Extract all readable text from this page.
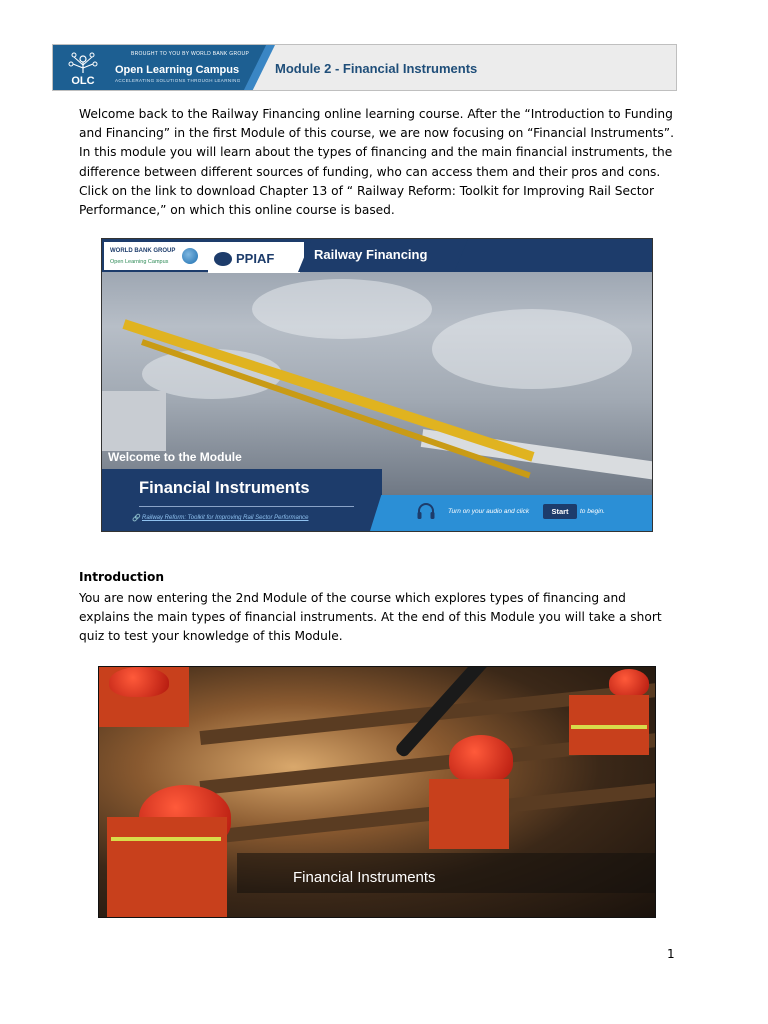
OLC
BROUGHT TO YOU BY WORLD BANK GROUP
Open Learning Campus
ACCELERATING SOLUTIONS THROUGH LEARNING
Module 2 - Financial Instruments

Welcome back to the Railway Financing online learning course. After the “Introduction to Funding and Financing” in the first Module of this course, we are now focusing on “Financial Instruments”. In this module you will learn about the types of financing and the main financial instruments, the difference between different sources of funding, who can access them and their pros and cons. Click on the link to download Chapter 13 of “ Railway Reform: Toolkit for Improving Rail Sector Performance,” on which this online course is based.

WORLD BANK GROUP
Open Learning Campus	PPIAF	Railway Financing
Welcome to the Module
Financial Instruments
🔗 Railway Reform: Toolkit for Improving Rail Sector Performance
Turn on your audio and click	Start	to begin.

Introduction

You are now entering the 2nd Module of the course which explores types of financing and explains the main types of financial instruments. At the end of this Module you will take a short quiz to test your knowledge of this Module.

Financial Instruments
1
